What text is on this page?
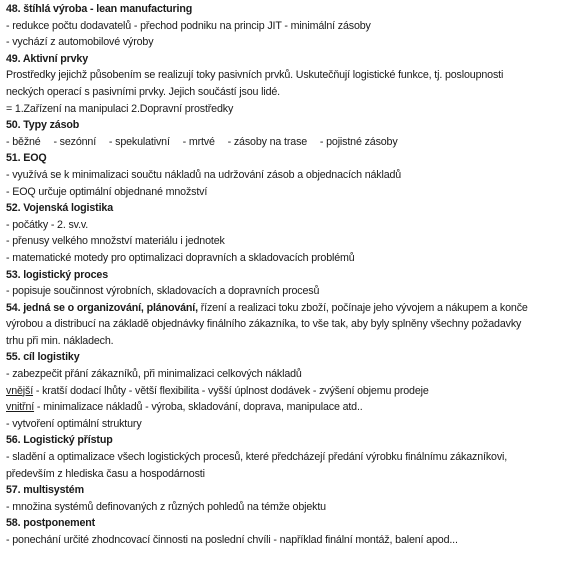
48. štíhlá výroba - lean manufacturing
- redukce počtu dodavatelů - přechod podniku na princip JIT - minimální zásoby
- vychází z automobilové výroby
49. Aktivní prvky
Prostředky jejichž působením se realizují toky pasivních prvků. Uskutečňují logistické funkce, tj. posloupnosti
neckých operací s pasivními prvky. Jejich součástí jsou lidé.
= 1.Zařízení na manipulaci 2.Dopravní prostředky
50. Typy zásob
- běžné - sezónní - spekulativní - mrtvé - zásoby na trase - pojistné zásoby
51. EOQ
- využívá se k minimalizaci součtu nákladů na udržování zásob a objednacích nákladů
- EOQ určuje optimální objednané množství
52. Vojenská logistika
- počátky - 2. sv.v.
- přenusy velkého množství materiálu i jednotek
- matematické motedy pro optimalizaci dopravních a skladovacích problémů
53. logistický proces
- popisuje součinnost výrobních, skladovacích a dopravních procesů
54. jedná se o organizování, plánování, řízení a realizaci toku zboží, počínaje jeho vývojem a nákupem a konče
výrobou a distribucí na základě objednávky finálního zákazníka, to vše tak, aby byly splněny všechny požadavky
trhu při min. nákladech.
55. cíl logistiky
- zabezpečit přání zákazníků, při minimalizaci celkových nákladů
vnější - kratší dodací lhůty - větší flexibilita - vyšší úplnost dodávek - zvýšení objemu prodeje
vnitřní - minimalizace nákladů - výroba, skladování, doprava, manipulace atd..
- vytvoření optimální struktury
56. Logistický přístup
- sladění a optimalizace všech logistických procesů, které předcházejí předání výrobku finálnímu zákazníkovi,
především z hlediska času a hospodárnosti
57. multisystém
- množina systémů definovaných z různých pohledů na témže objektu
58. postponement
- ponechání určité zhodncovací činnosti na poslední chvíli - například finální montáž, balení apod...
